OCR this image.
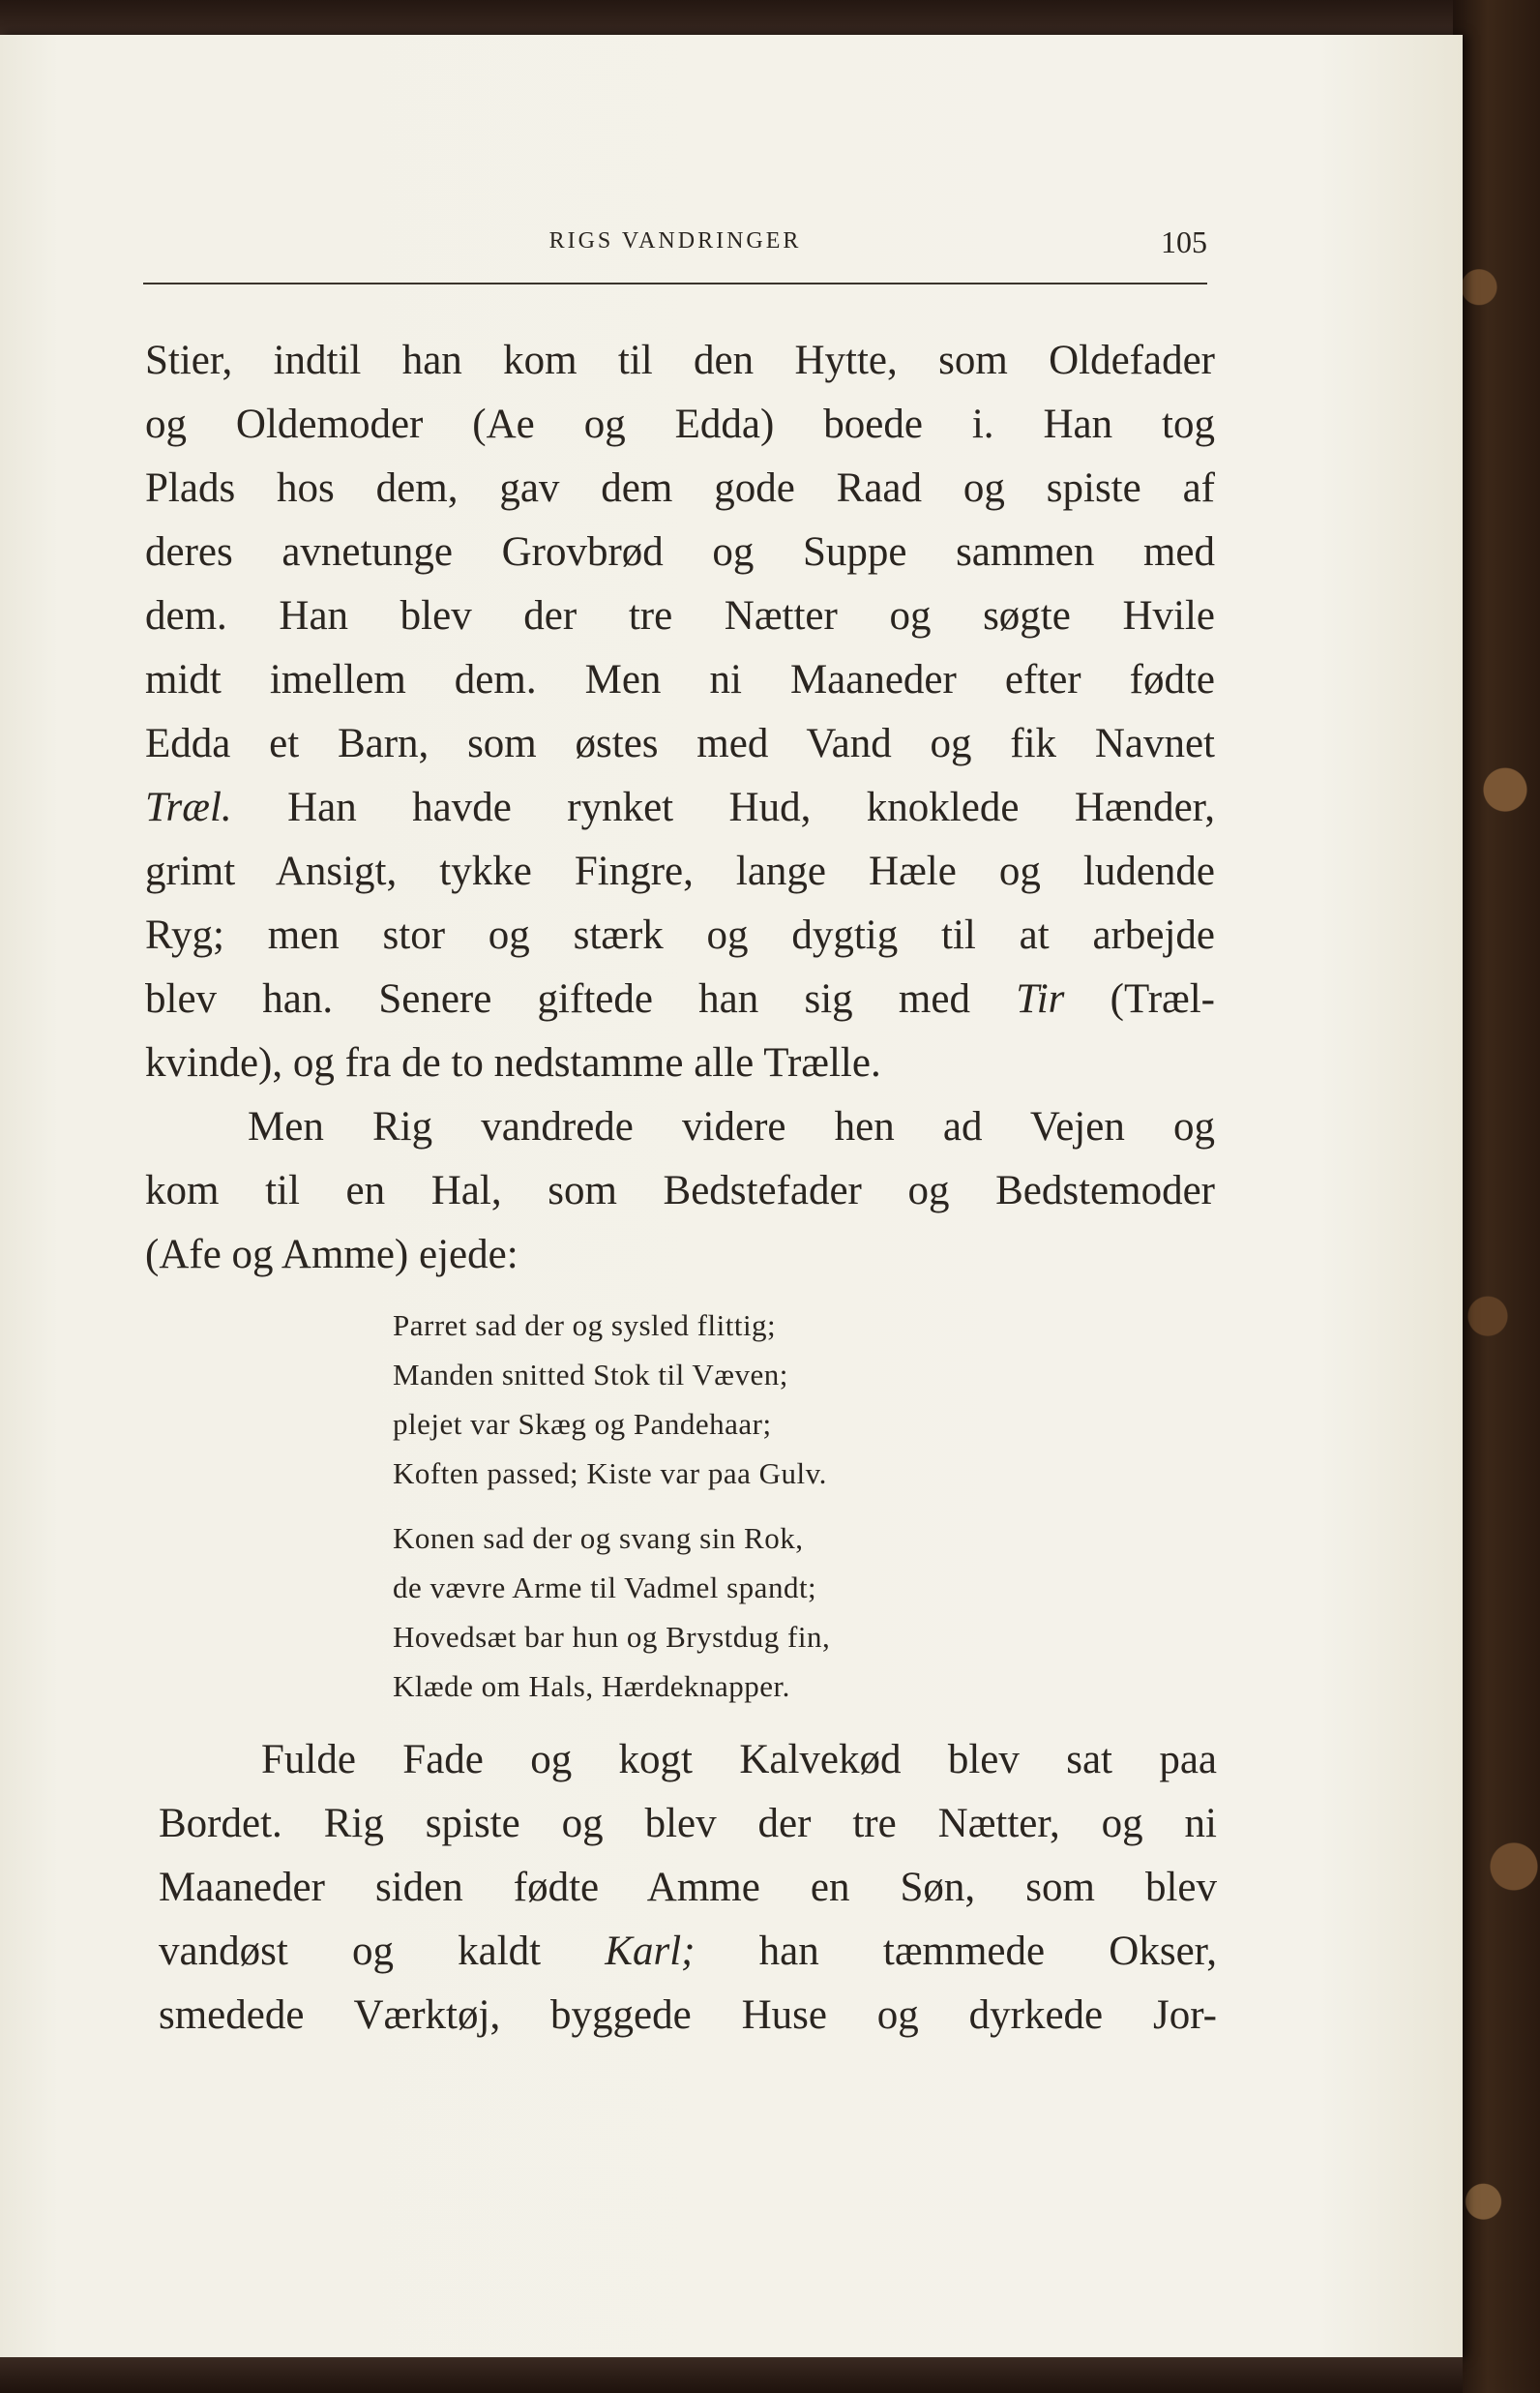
RIGS VANDRINGER	105
Stier, indtil han kom til den Hytte, som Oldefader
og Oldemoder (Ae og Edda) boede i. Han tog
Plads hos dem, gav dem gode Raad og spiste af
deres avnetunge Grovbrød og Suppe sammen med
dem. Han blev der tre Nætter og søgte Hvile
midt imellem dem. Men ni Maaneder efter fødte
Edda et Barn, som østes med Vand og fik Navnet
Træl. Han havde rynket Hud, knoklede Hænder,
grimt Ansigt, tykke Fingre, lange Hæle og ludende
Ryg; men stor og stærk og dygtig til at arbejde
blev han. Senere giftede han sig med Tir (Træl-
kvinde), og fra de to nedstamme alle Trælle.
Men Rig vandrede videre hen ad Vejen og
kom til en Hal, som Bedstefader og Bedstemoder
(Afe og Amme) ejede:
Parret sad der og sysled flittig;
Manden snitted Stok til Væven;
plejet var Skæg og Pandehaar;
Koften passed; Kiste var paa Gulv.
Konen sad der og svang sin Rok,
de vævre Arme til Vadmel spandt;
Hovedsæt bar hun og Brystdug fin,
Klæde om Hals, Hærdeknapper.
Fulde Fade og kogt Kalvekød blev sat paa
Bordet. Rig spiste og blev der tre Nætter, og ni
Maaneder siden fødte Amme en Søn, som blev
vandøst og kaldt Karl; han tæmmede Okser,
smedede Værktøj, byggede Huse og dyrkede Jor-
